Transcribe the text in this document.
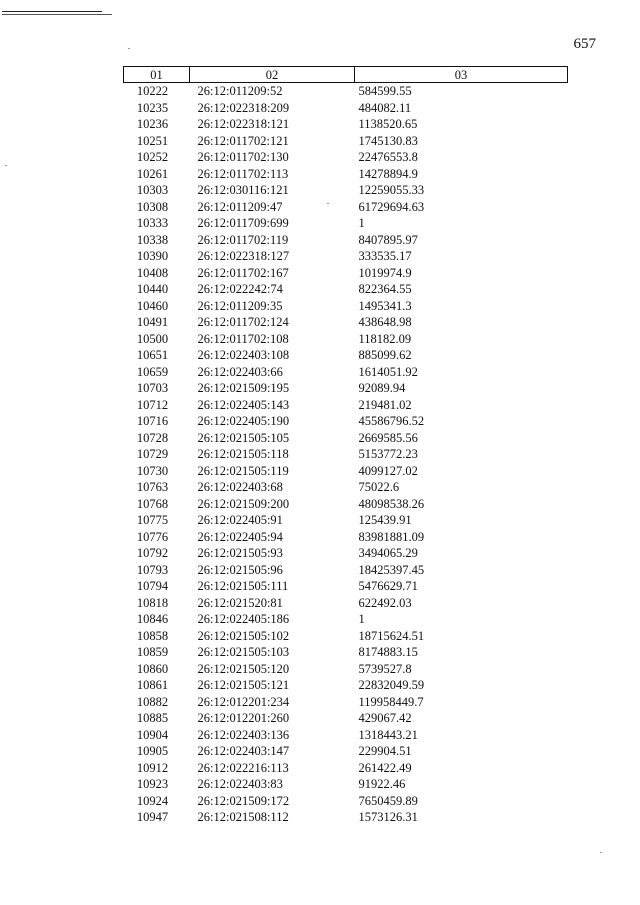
657
01	02	03
10222	26:12:011209:52	584599.55
10235	26:12:022318:209	484082.11
10236	26:12:022318:121	1138520.65
10251	26:12:011702:121	1745130.83
10252	26:12:011702:130	22476553.8
10261	26:12:011702:113	14278894.9
10303	26:12:030116:121	12259055.33
10308	26:12:011209:47	61729694.63
10333	26:12:011709:699	1
10338	26:12:011702:119	8407895.97
10390	26:12:022318:127	333535.17
10408	26:12:011702:167	1019974.9
10440	26:12:022242:74	822364.55
10460	26:12:011209:35	1495341.3
10491	26:12:011702:124	438648.98
10500	26:12:011702:108	118182.09
10651	26:12:022403:108	885099.62
10659	26:12:022403:66	1614051.92
10703	26:12:021509:195	92089.94
10712	26:12:022405:143	219481.02
10716	26:12:022405:190	45586796.52
10728	26:12:021505:105	2669585.56
10729	26:12:021505:118	5153772.23
10730	26:12:021505:119	4099127.02
10763	26:12:022403:68	75022.6
10768	26:12:021509:200	48098538.26
10775	26:12:022405:91	125439.91
10776	26:12:022405:94	83981881.09
10792	26:12:021505:93	3494065.29
10793	26:12:021505:96	18425397.45
10794	26:12:021505:111	5476629.71
10818	26:12:021520:81	622492.03
10846	26:12:022405:186	1
10858	26:12:021505:102	18715624.51
10859	26:12:021505:103	8174883.15
10860	26:12:021505:120	5739527.8
10861	26:12:021505:121	22832049.59
10882	26:12:012201:234	119958449.7
10885	26:12:012201:260	429067.42
10904	26:12:022403:136	1318443.21
10905	26:12:022403:147	229904.51
10912	26:12:022216:113	261422.49
10923	26:12:022403:83	91922.46
10924	26:12:021509:172	7650459.89
10947	26:12:021508:112	1573126.31
